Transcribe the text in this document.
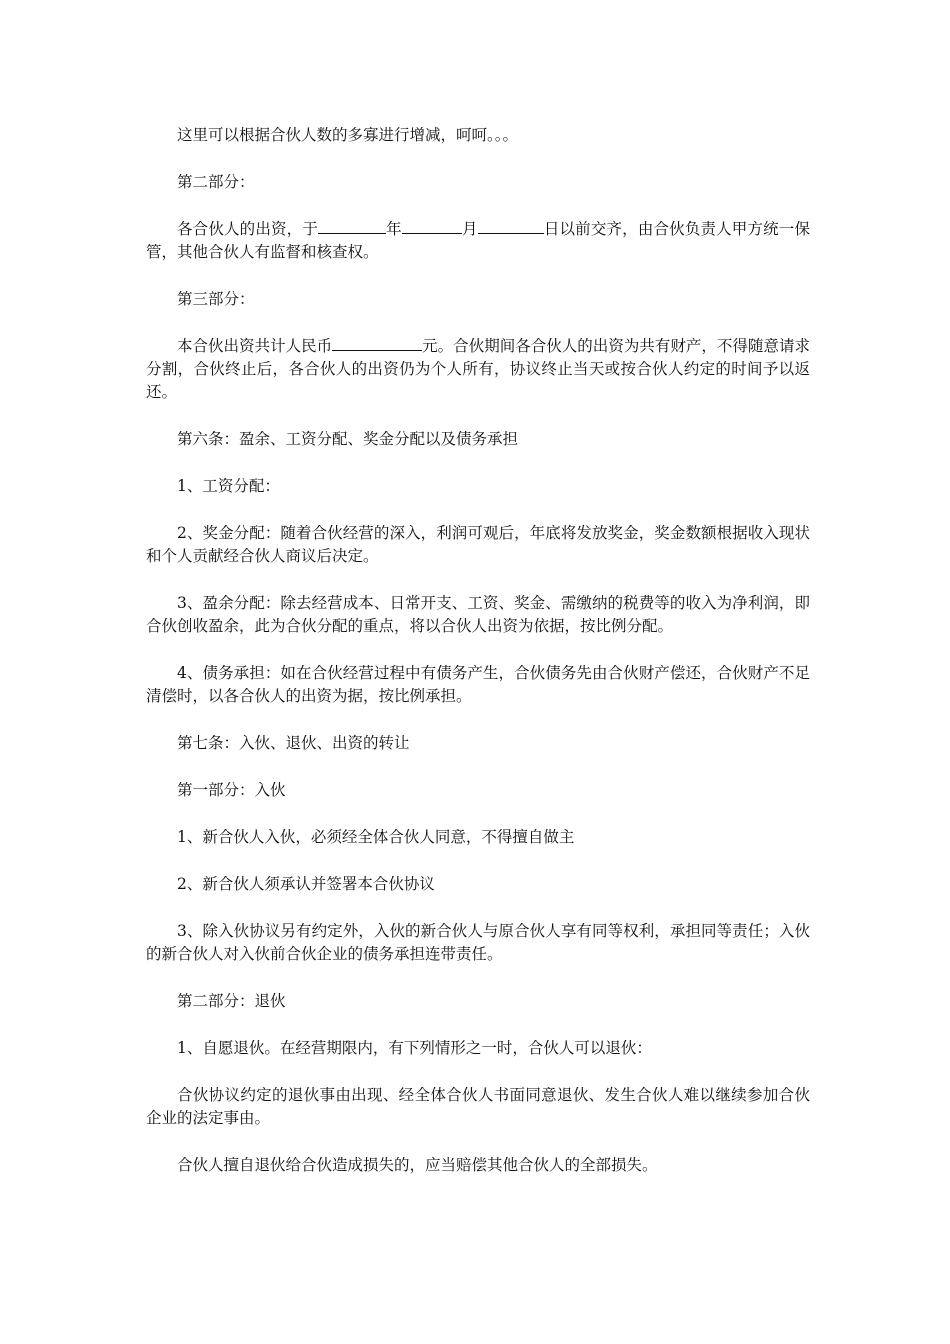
这里可以根据合伙人数的多寡进行增减，呵呵。。。

第二部分：

各合伙人的出资，于	年	月	日以前交齐，由合伙负责人甲方统一保管，其他合伙人有监督和核查权。

第三部分：

本合伙出资共计人民币	元。合伙期间各合伙人的出资为共有财产，不得随意请求分割，合伙终止后，各合伙人的出资仍为个人所有，协议终止当天或按合伙人约定的时间予以返还。

第六条：盈余、工资分配、奖金分配以及债务承担

1、工资分配：

2、奖金分配：随着合伙经营的深入，利润可观后，年底将发放奖金，奖金数额根据收入现状和个人贡献经合伙人商议后决定。

3、盈余分配：除去经营成本、日常开支、工资、奖金、需缴纳的税费等的收入为净利润，即合伙创收盈余，此为合伙分配的重点，将以合伙人出资为依据，按比例分配。

4、债务承担：如在合伙经营过程中有债务产生，合伙债务先由合伙财产偿还，合伙财产不足清偿时，以各合伙人的出资为据，按比例承担。

第七条：入伙、退伙、出资的转让

第一部分：入伙

1、新合伙人入伙，必须经全体合伙人同意，不得擅自做主

2、新合伙人须承认并签署本合伙协议

3、除入伙协议另有约定外，入伙的新合伙人与原合伙人享有同等权利，承担同等责任；入伙的新合伙人对入伙前合伙企业的债务承担连带责任。

第二部分：退伙

1、自愿退伙。在经营期限内，有下列情形之一时，合伙人可以退伙：

合伙协议约定的退伙事由出现、经全体合伙人书面同意退伙、发生合伙人难以继续参加合伙企业的法定事由。

合伙人擅自退伙给合伙造成损失的，应当赔偿其他合伙人的全部损失。
